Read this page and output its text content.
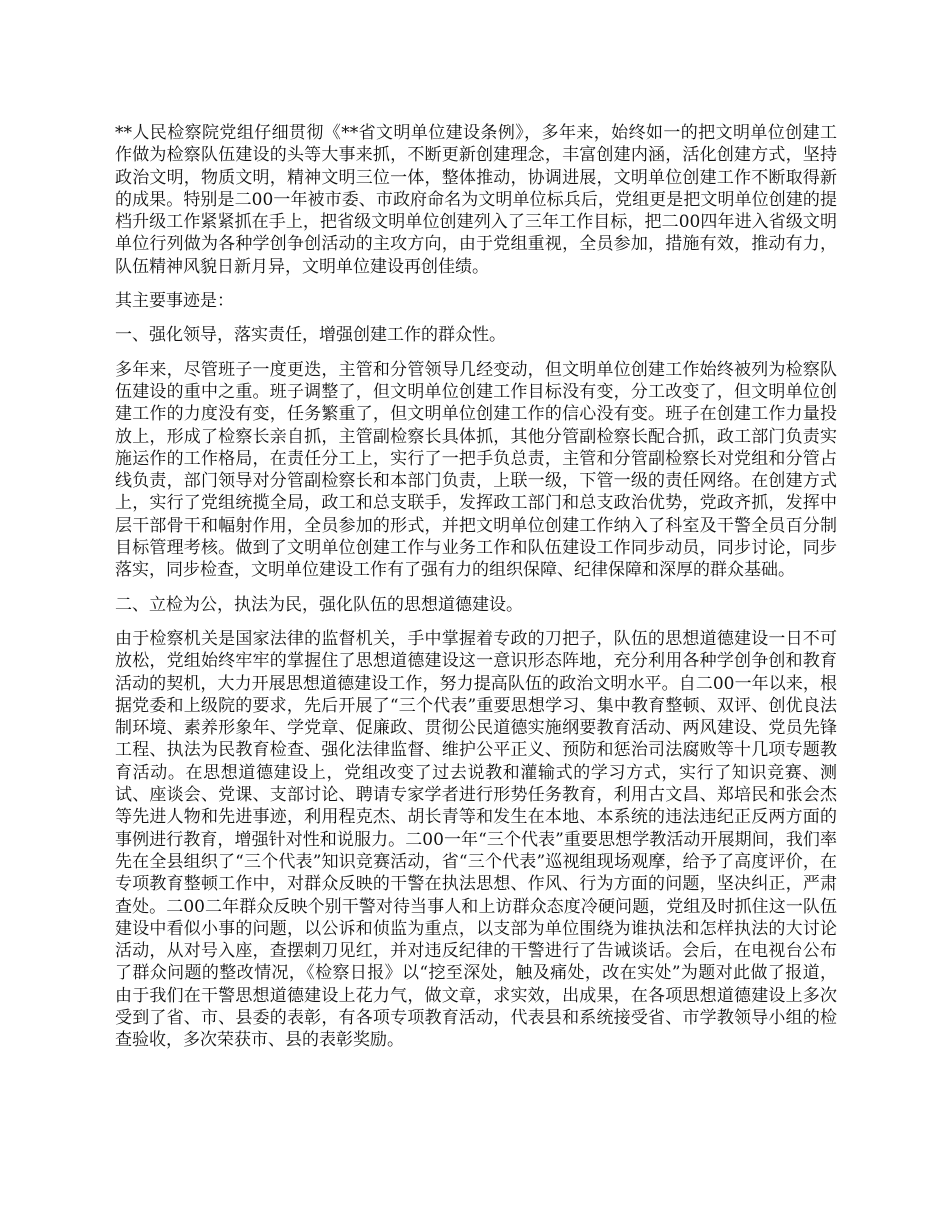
**人民检察院党组仔细贯彻《**省文明单位建设条例》，多年来，始终如一的把文明单位创建工作做为检察队伍建设的头等大事来抓，不断更新创建理念，丰富创建内涵，活化创建方式，坚持政治文明，物质文明，精神文明三位一体，整体推动，协调进展，文明单位创建工作不断取得新的成果。特别是二00一年被市委、市政府命名为文明单位标兵后，党组更是把文明单位创建的提档升级工作紧紧抓在手上，把省级文明单位创建列入了三年工作目标，把二00四年进入省级文明单位行列做为各种学创争创活动的主攻方向，由于党组重视，全员参加，措施有效，推动有力，队伍精神风貌日新月异，文明单位建设再创佳绩。

其主要事迹是：

一、强化领导，落实责任，增强创建工作的群众性。

多年来，尽管班子一度更迭，主管和分管领导几经变动，但文明单位创建工作始终被列为检察队伍建设的重中之重。班子调整了，但文明单位创建工作目标没有变，分工改变了，但文明单位创建工作的力度没有变，任务繁重了，但文明单位创建工作的信心没有变。班子在创建工作力量投放上，形成了检察长亲自抓，主管副检察长具体抓，其他分管副检察长配合抓，政工部门负责实施运作的工作格局，在责任分工上，实行了一把手负总责，主管和分管副检察长对党组和分管占线负责，部门领导对分管副检察长和本部门负责，上联一级，下管一级的责任网络。在创建方式上，实行了党组统揽全局，政工和总支联手，发挥政工部门和总支政治优势，党政齐抓，发挥中层干部骨干和幅射作用，全员参加的形式，并把文明单位创建工作纳入了科室及干警全员百分制目标管理考核。做到了文明单位创建工作与业务工作和队伍建设工作同步动员，同步讨论，同步落实，同步检查，文明单位建设工作有了强有力的组织保障、纪律保障和深厚的群众基础。

二、立检为公，执法为民，强化队伍的思想道德建设。

由于检察机关是国家法律的监督机关，手中掌握着专政的刀把子，队伍的思想道德建设一日不可放松，党组始终牢牢的掌握住了思想道德建设这一意识形态阵地，充分利用各种学创争创和教育活动的契机，大力开展思想道德建设工作，努力提高队伍的政治文明水平。自二00一年以来，根据党委和上级院的要求，先后开展了“三个代表”重要思想学习、集中教育整顿、双评、创优良法制环境、素养形象年、学党章、促廉政、贯彻公民道德实施纲要教育活动、两风建设、党员先锋工程、执法为民教育检查、强化法律监督、维护公平正义、预防和惩治司法腐败等十几项专题教育活动。在思想道德建设上，党组改变了过去说教和灌输式的学习方式，实行了知识竞赛、测试、座谈会、党课、支部讨论、聘请专家学者进行形势任务教育，利用古文昌、郑培民和张会杰等先进人物和先进事迹，利用程克杰、胡长青等和发生在本地、本系统的违法违纪正反两方面的事例进行教育，增强针对性和说服力。二00一年“三个代表”重要思想学教活动开展期间，我们率先在全县组织了“三个代表”知识竞赛活动，省“三个代表”巡视组现场观摩，给予了高度评价，在专项教育整顿工作中，对群众反映的干警在执法思想、作风、行为方面的问题，坚决纠正，严肃查处。二00二年群众反映个别干警对待当事人和上访群众态度冷硬问题，党组及时抓住这一队伍建设中看似小事的问题，以公诉和侦监为重点，以支部为单位围绕为谁执法和怎样执法的大讨论活动，从对号入座，查摆刺刀见红，并对违反纪律的干警进行了告诫谈话。会后，在电视台公布了群众问题的整改情况，《检察日报》以“挖至深处，触及痛处，改在实处”为题对此做了报道，由于我们在干警思想道德建设上花力气，做文章，求实效，出成果，在各项思想道德建设上多次受到了省、市、县委的表彰，有各项专项教育活动，代表县和系统接受省、市学教领导小组的检查验收，多次荣获市、县的表彰奖励。
